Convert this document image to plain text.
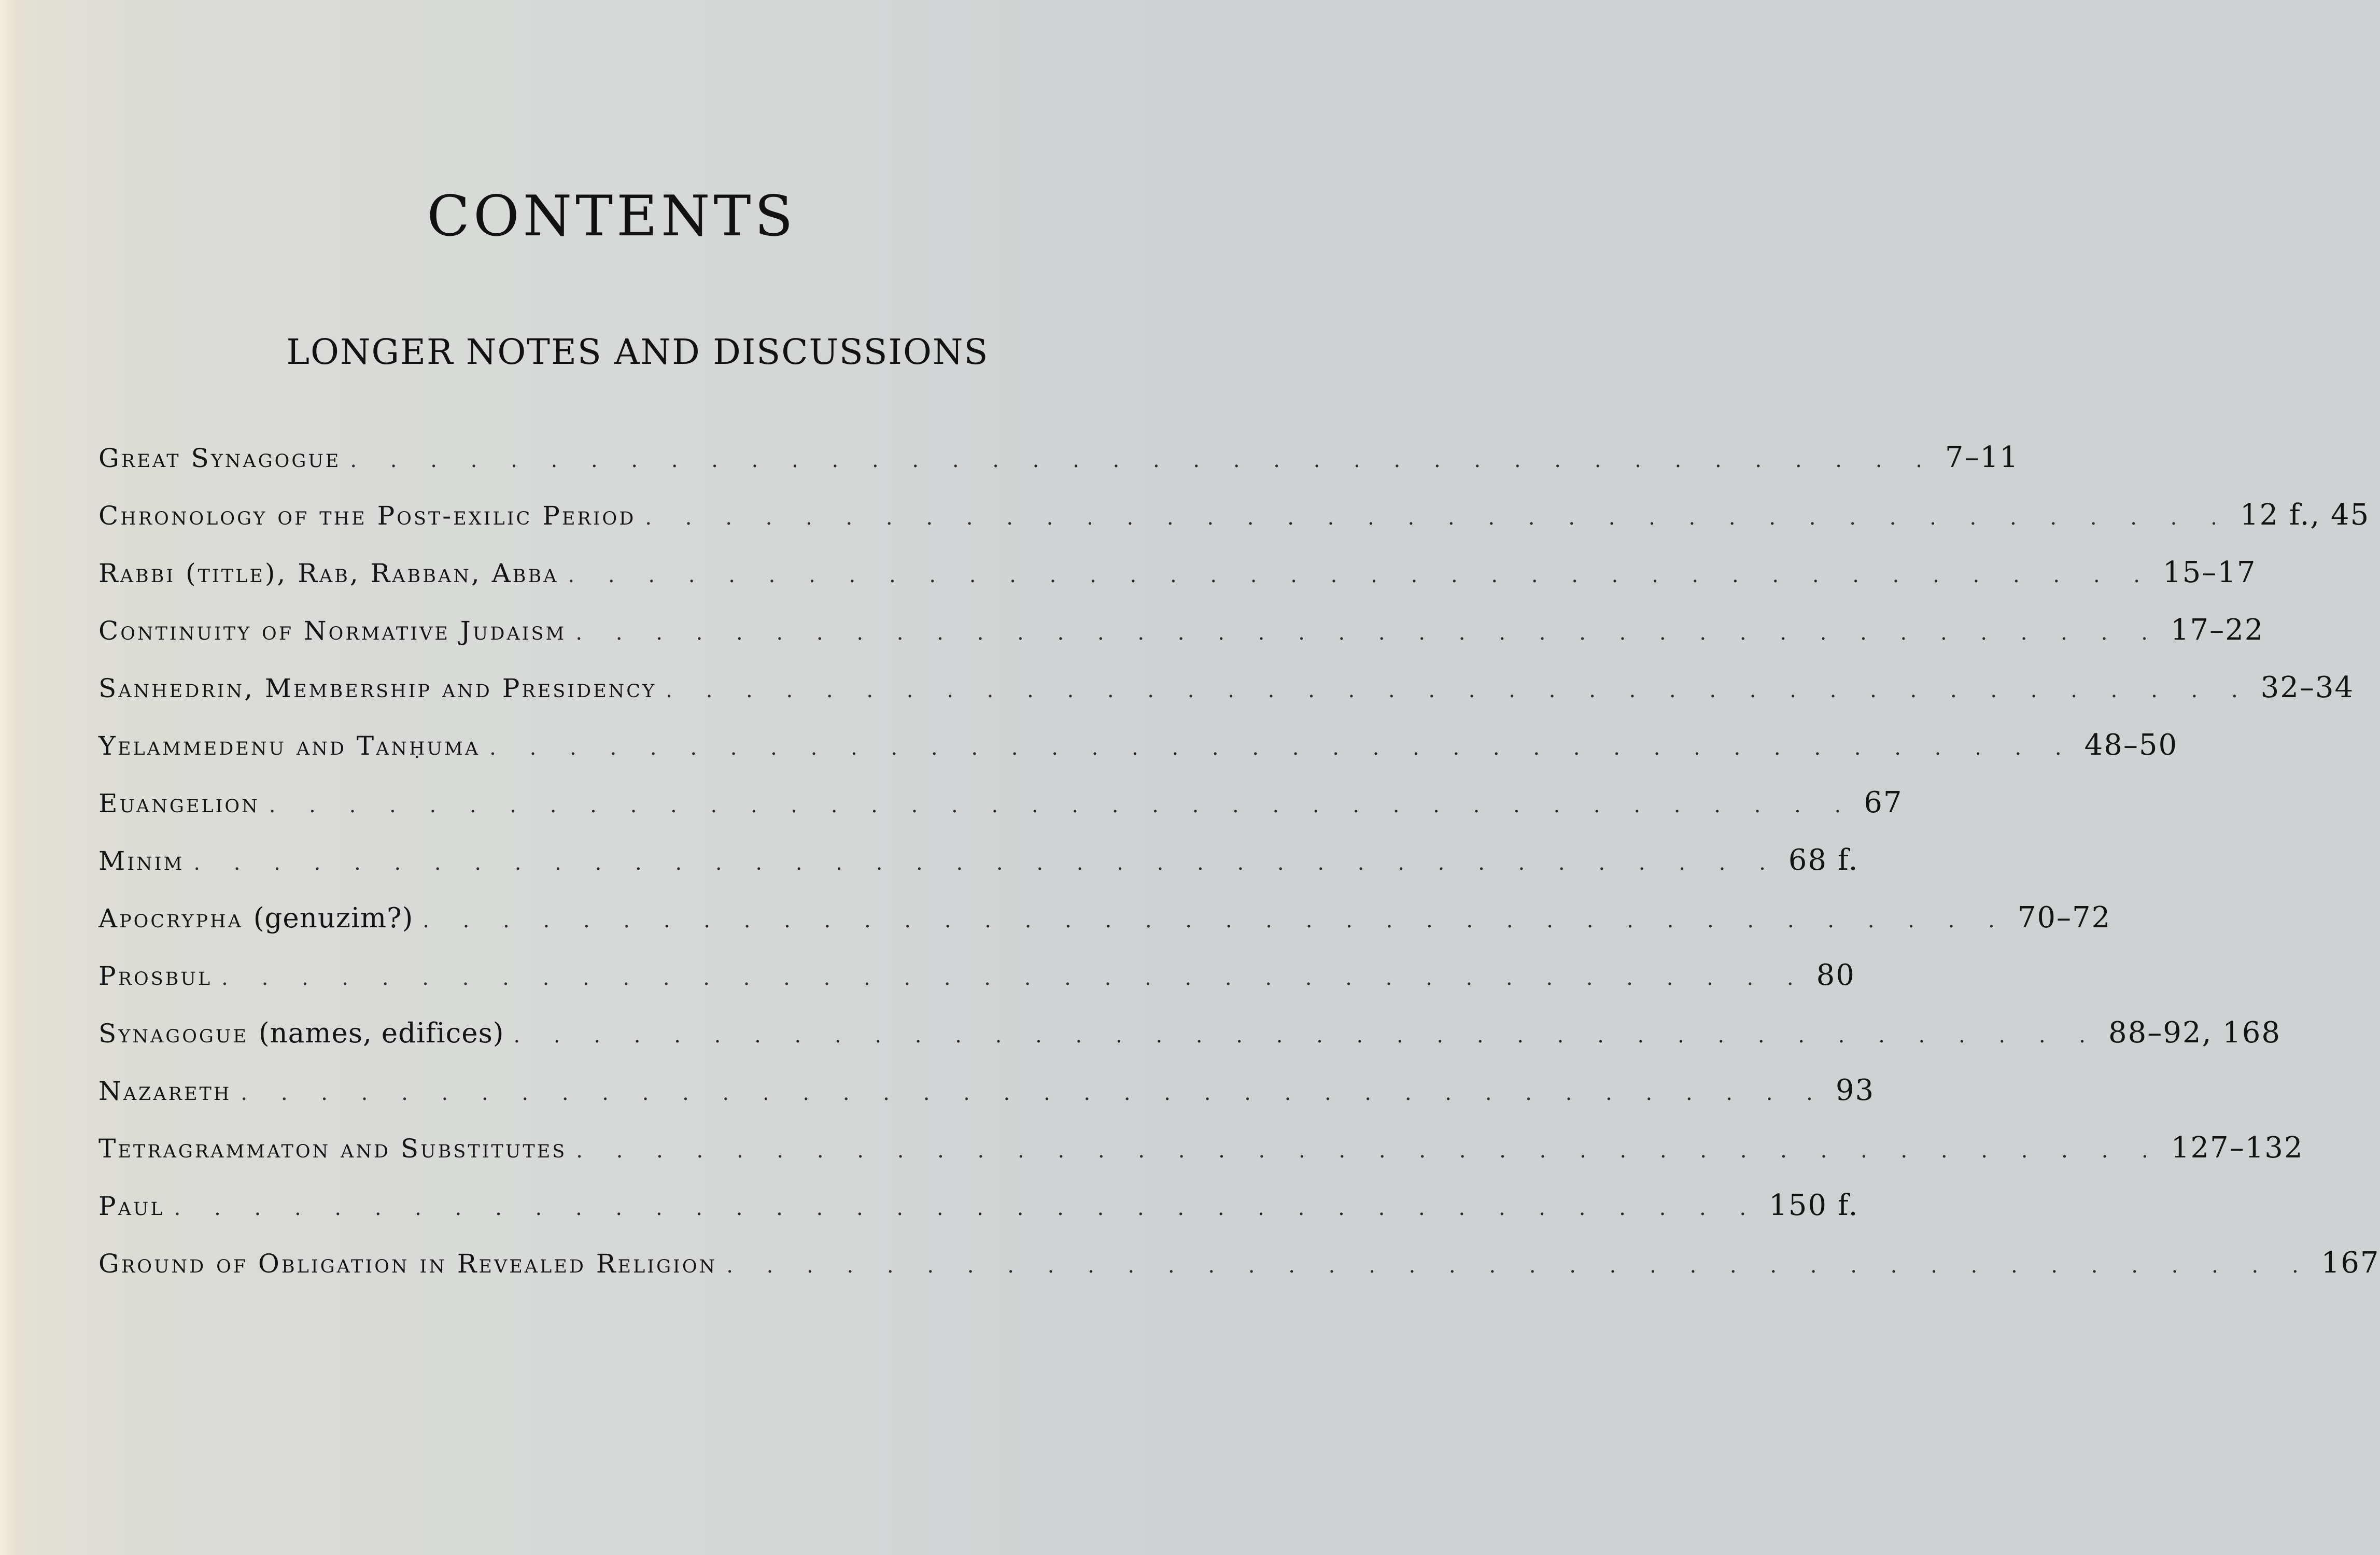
CONTENTS
LONGER NOTES AND DISCUSSIONS
Great Synagogue . . . . . . . . . . . . . . . . . . . . . . . . . . . . . . . . . . . . . . . . 7–11
Chronology of the Post-exilic Period . . . . . . . . . . . . . . . . . . . . . . . . . . . . . . . . . . . . . . . . 12 f., 45
Rabbi (title), Rab, Rabban, Abba . . . . . . . . . . . . . . . . . . . . . . . . . . . . . . . . . . . . . . . . 15–17
Continuity of Normative Judaism . . . . . . . . . . . . . . . . . . . . . . . . . . . . . . . . . . . . . . . . 17–22
Sanhedrin, Membership and Presidency . . . . . . . . . . . . . . . . . . . . . . . . . . . . . . . . . . . . . . . . 32–34
Yelammedenu and Tanḥuma . . . . . . . . . . . . . . . . . . . . . . . . . . . . . . . . . . . . . . . . 48–50
Euangelion . . . . . . . . . . . . . . . . . . . . . . . . . . . . . . . . . . . . . . . . 67
Minim . . . . . . . . . . . . . . . . . . . . . . . . . . . . . . . . . . . . . . . . 68 f.
Apocrypha (genuzim?) . . . . . . . . . . . . . . . . . . . . . . . . . . . . . . . . . . . . . . . . 70–72
Prosbul . . . . . . . . . . . . . . . . . . . . . . . . . . . . . . . . . . . . . . . . 80
Synagogue (names, edifices) . . . . . . . . . . . . . . . . . . . . . . . . . . . . . . . . . . . . . . . . 88–92, 168
Nazareth . . . . . . . . . . . . . . . . . . . . . . . . . . . . . . . . . . . . . . . . 93
Tetragrammaton and Substitutes . . . . . . . . . . . . . . . . . . . . . . . . . . . . . . . . . . . . . . . . 127–132
Paul . . . . . . . . . . . . . . . . . . . . . . . . . . . . . . . . . . . . . . . . 150 f.
Ground of Obligation in Revealed Religion . . . . . . . . . . . . . . . . . . . . . . . . . . . . . . . . . . . . . . . . 167
